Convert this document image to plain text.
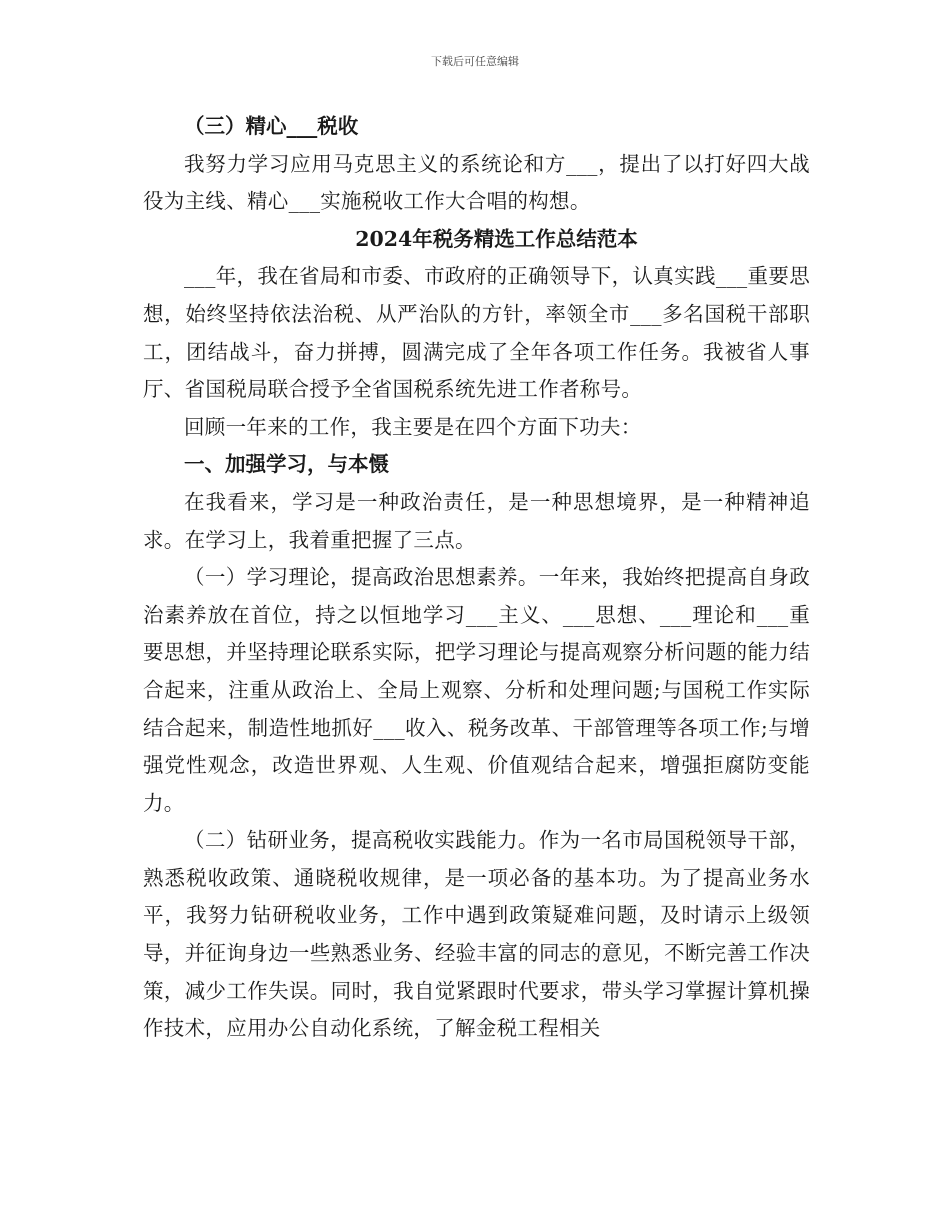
下载后可任意编辑

（三）精心___税收

我努力学习应用马克思主义的系统论和方___，提出了以打好四大战役为主线、精心___实施税收工作大合唱的构想。

2024年税务精选工作总结范本

___年，我在省局和市委、市政府的正确领导下，认真实践___重要思想，始终坚持依法治税、从严治队的方针，率领全市___多名国税干部职工，团结战斗，奋力拼搏，圆满完成了全年各项工作任务。我被省人事厅、省国税局联合授予全省国税系统先进工作者称号。

回顾一年来的工作，我主要是在四个方面下功夫：

一、加强学习，与本慑

在我看来，学习是一种政治责任，是一种思想境界，是一种精神追求。在学习上，我着重把握了三点。

（一）学习理论，提高政治思想素养。一年来，我始终把提高自身政治素养放在首位，持之以恒地学习___主义、___思想、___理论和___重要思想，并坚持理论联系实际，把学习理论与提高观察分析问题的能力结合起来，注重从政治上、全局上观察、分析和处理问题;与国税工作实际结合起来，制造性地抓好___收入、税务改革、干部管理等各项工作;与增强党性观念，改造世界观、人生观、价值观结合起来，增强拒腐防变能力。

（二）钻研业务，提高税收实践能力。作为一名市局国税领导干部，熟悉税收政策、通晓税收规律，是一项必备的基本功。为了提高业务水平，我努力钻研税收业务，工作中遇到政策疑难问题，及时请示上级领导，并征询身边一些熟悉业务、经验丰富的同志的意见，不断完善工作决策，减少工作失误。同时，我自觉紧跟时代要求，带头学习掌握计算机操作技术，应用办公自动化系统，了解金税工程相关
